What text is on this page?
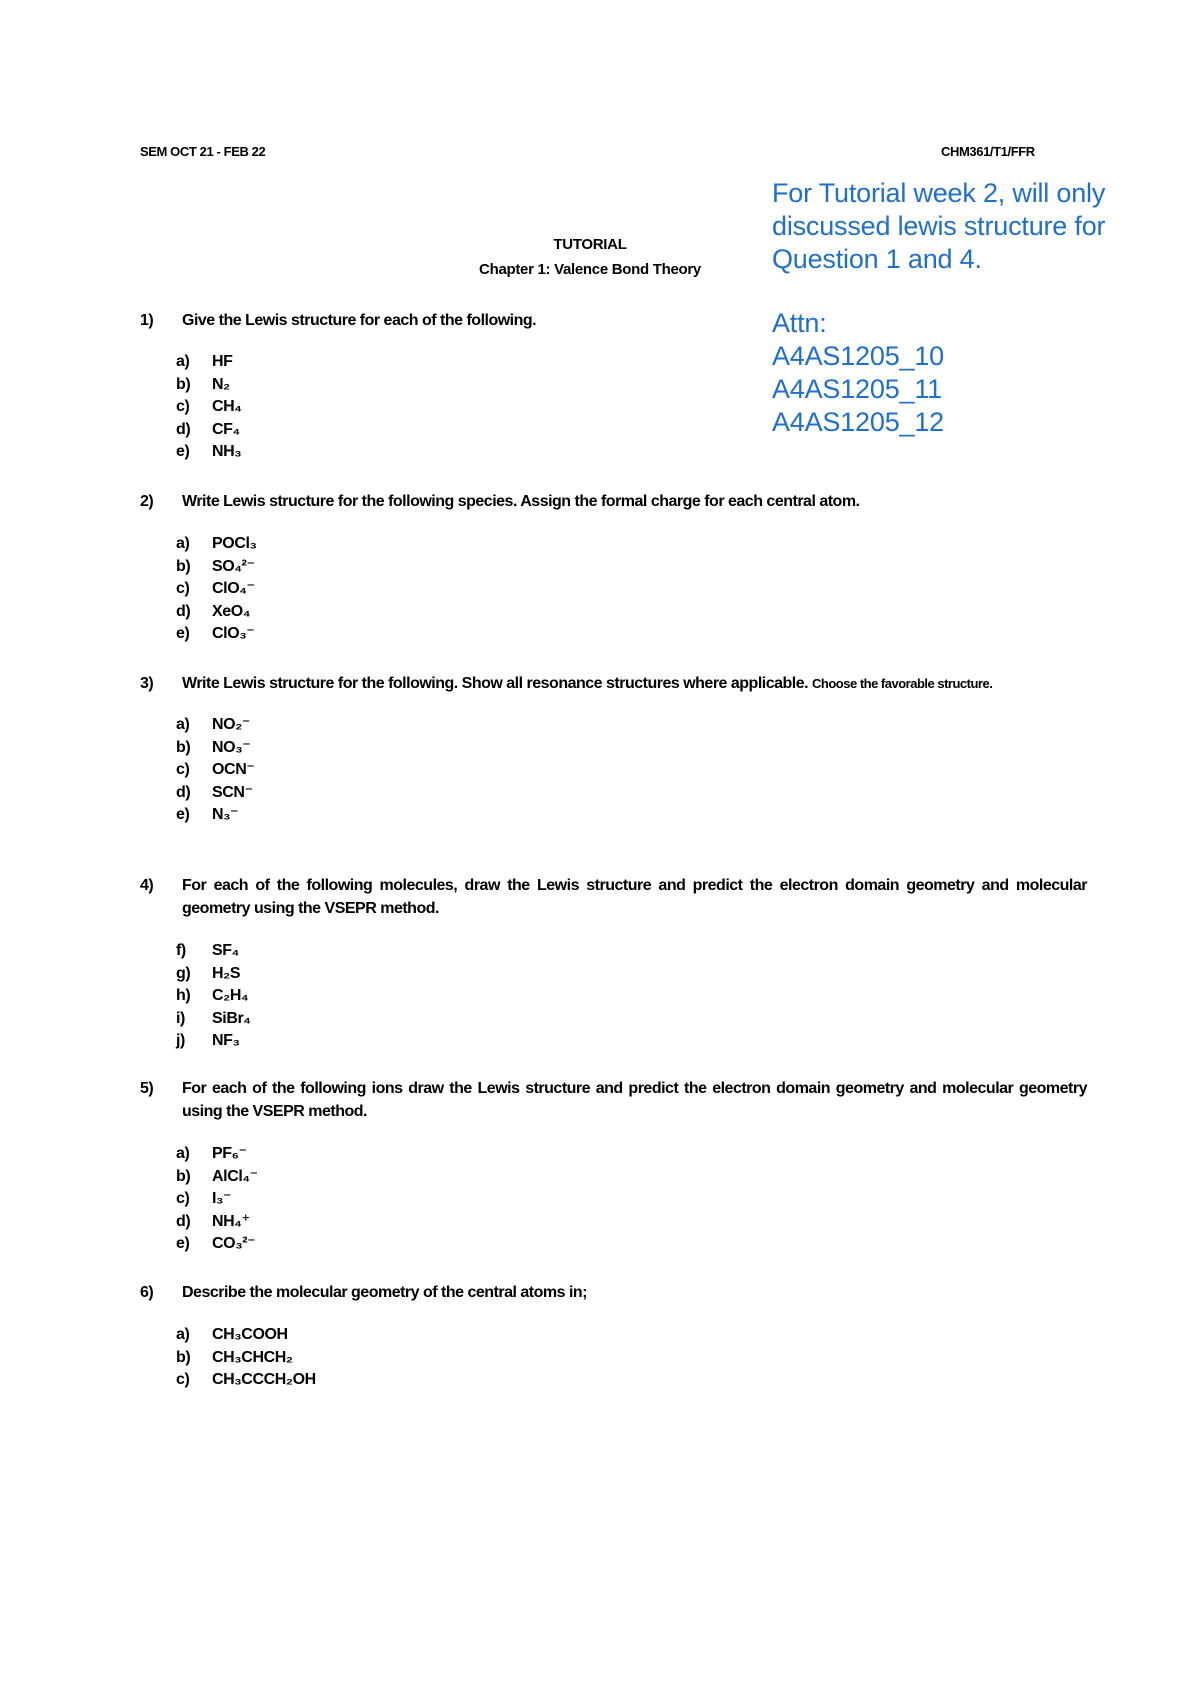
SEM OCT 21 - FEB 22	CHM361/T1/FFR
TUTORIAL
Chapter 1: Valence Bond Theory
For Tutorial week 2, will only
discussed lewis structure for
Question 1 and 4.
Attn:
A4AS1205_10
A4AS1205_11
A4AS1205_12
1) Give the Lewis structure for each of the following.
a) HF
b) N₂
c) CH₄
d) CF₄
e) NH₃
2) Write Lewis structure for the following species. Assign the formal charge for each central atom.
a) POCl₃
b) SO₄²⁻
c) ClO₄⁻
d) XeO₄
e) ClO₃⁻
3) Write Lewis structure for the following. Show all resonance structures where applicable. Choose the favorable structure.
a) NO₂⁻
b) NO₃⁻
c) OCN⁻
d) SCN⁻
e) N₃⁻
4) For each of the following molecules, draw the Lewis structure and predict the electron domain geometry and molecular geometry using the VSEPR method.
f) SF₄
g) H₂S
h) C₂H₄
i) SiBr₄
j) NF₃
5) For each of the following ions draw the Lewis structure and predict the electron domain geometry and molecular geometry using the VSEPR method.
a) PF₆⁻
b) AlCl₄⁻
c) I₃⁻
d) NH₄⁺
e) CO₃²⁻
6) Describe the molecular geometry of the central atoms in;
a) CH₃COOH
b) CH₃CHCH₂
c) CH₃CCCH₂OH
